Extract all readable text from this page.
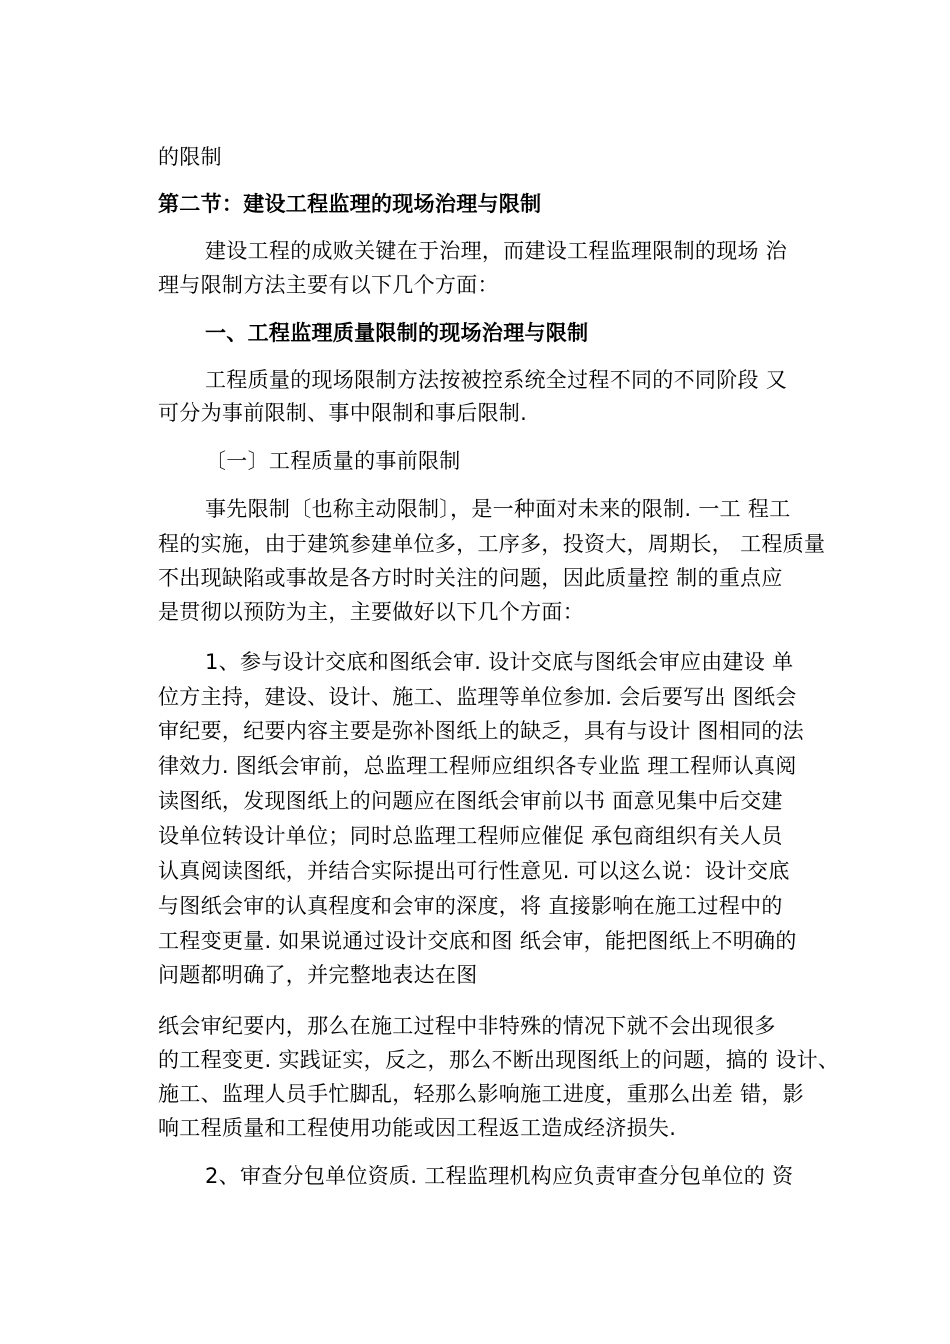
的限制
第二节：建设工程监理的现场治理与限制
建设工程的成败关键在于治理，而建设工程监理限制的现场 治
理与限制方法主要有以下几个方面：
一、工程监理质量限制的现场治理与限制
工程质量的现场限制方法按被控系统全过程不同的不同阶段 又
可分为事前限制、事中限制和事后限制.
〔一〕工程质量的事前限制
事先限制〔也称主动限制〕，是一种面对未来的限制. 一工 程工
程的实施，由于建筑参建单位多，工序多，投资大，周期长， 工程质量
不出现缺陷或事故是各方时时关注的问题，因此质量控 制的重点应
是贯彻以预防为主，主要做好以下几个方面：
1、参与设计交底和图纸会审. 设计交底与图纸会审应由建设 单
位方主持，建设、设计、施工、监理等单位参加. 会后要写出 图纸会
审纪要，纪要内容主要是弥补图纸上的缺乏，具有与设计 图相同的法
律效力. 图纸会审前，总监理工程师应组织各专业监 理工程师认真阅
读图纸，发现图纸上的问题应在图纸会审前以书 面意见集中后交建
设单位转设计单位；同时总监理工程师应催促 承包商组织有关人员
认真阅读图纸，并结合实际提出可行性意见. 可以这么说：设计交底
与图纸会审的认真程度和会审的深度，将 直接影响在施工过程中的
工程变更量. 如果说通过设计交底和图 纸会审，能把图纸上不明确的
问题都明确了，并完整地表达在图
纸会审纪要内，那么在施工过程中非特殊的情况下就不会出现很多
的工程变更. 实践证实，反之，那么不断出现图纸上的问题，搞的 设计、
施工、监理人员手忙脚乱，轻那么影响施工进度，重那么出差 错，影
响工程质量和工程使用功能或因工程返工造成经济损失.
2、审查分包单位资质. 工程监理机构应负责审查分包单位的 资
